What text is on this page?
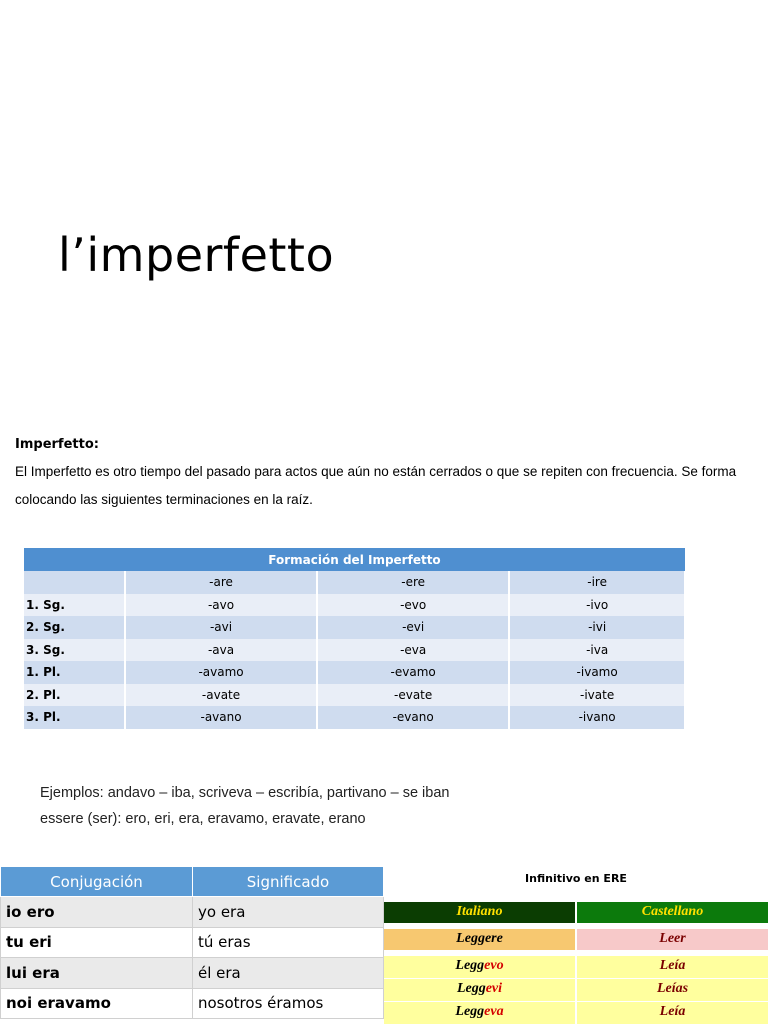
l’imperfetto
Imperfetto:
El Imperfetto es otro tiempo del pasado para actos que aún no están cerrados o que se repiten con frecuencia. Se forma colocando las siguientes terminaciones en la raíz.
Formación del Imperfetto			
	-are	-ere	-ire
1. Sg.	-avo	-evo	-ivo
2. Sg.	-avi	-evi	-ivi
3. Sg.	-ava	-eva	-iva
1. Pl.	-avamo	-evamo	-ivamo
2. Pl.	-avate	-evate	-ivate
3. Pl.	-avano	-evano	-ivano
Ejemplos: andavo – iba, scriveva – escribía, partivano – se iban
essere (ser): ero, eri, era, eravamo, eravate, erano
Conjugación	Significado
io ero	yo era
tu eri	tú eras
lui era	él era
noi eravamo	nosotros éramos
Infinitivo en ERE
Italiano	Castellano
Leggere	Leer
Leggevo	Leía
Leggevi	Leías
Leggeva	Leía
